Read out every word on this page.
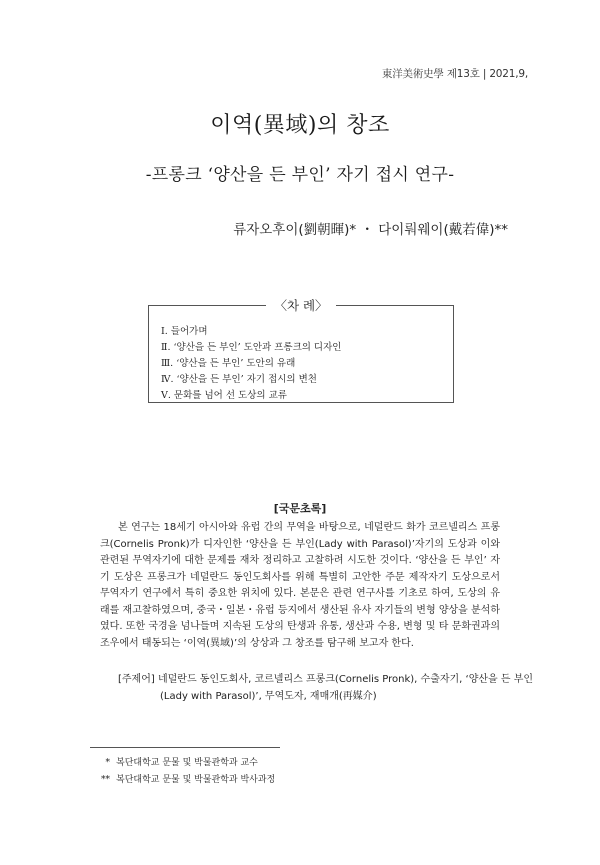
東洋美術史學 제13호 | 2021,9,
이역(異域)의 창조
-프롱크 ‘양산을 든 부인’ 자기 접시 연구-
류자오후이(劉朝暉)* ・ 다이뤄웨이(戴若偉)**
〈차 례〉
Ⅰ. 들어가며
Ⅱ. ‘양산을 든 부인’ 도안과 프롱크의 디자인
Ⅲ. ‘양산을 든 부인’ 도안의 유래
Ⅳ. ‘양산을 든 부인’ 자기 접시의 변천
Ⅴ. 문화를 넘어 선 도상의 교류
[국문초록]

본 연구는 18세기 아시아와 유럽 간의 무역을 바탕으로, 네덜란드 화가 코르넬리스 프롱크(Cornelis Pronk)가 디자인한 ‘양산을 든 부인(Lady with Parasol)’자기의 도상과 이와 관련된 무역자기에 대한 문제를 재차 정리하고 고찰하려 시도한 것이다. ‘양산을 든 부인’ 자기 도상은 프롱크가 네덜란드 동인도회사를 위해 특별히 고안한 주문 제작자기 도상으로서 무역자기 연구에서 특히 중요한 위치에 있다. 본문은 관련 연구사를 기초로 하여, 도상의 유래를 재고찰하였으며, 중국・일본・유럽 등지에서 생산된 유사 자기들의 변형 양상을 분석하였다. 또한 국경을 넘나들며 지속된 도상의 탄생과 유통, 생산과 수용, 변형 및 타 문화권과의 조우에서 태동되는 ‘이역(異域)’의 상상과 그 창조를 탐구해 보고자 한다.

[주제어] 네덜란드 동인도회사, 코르넬리스 프롱크(Cornelis Pronk), 수출자기, ‘양산을 든 부인(Lady with Parasol)’, 무역도자, 재매개(再媒介)

* 복단대학교 문물 및 박물관학과 교수
** 복단대학교 문물 및 박물관학과 박사과정
